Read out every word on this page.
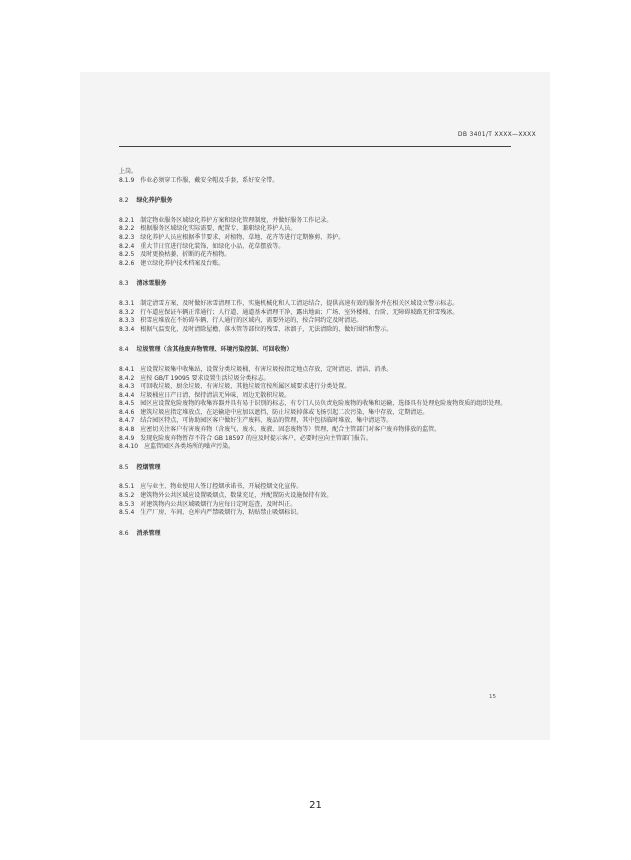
DB 3401/T XXXX—XXXX

上岗。

8.1.9 作业必须穿工作服，戴安全帽及手套，系好安全带。

8.2 绿化养护服务

8.2.1 制定物业服务区域绿化养护方案和绿化管理制度，并做好服务工作记录。

8.2.2 根据服务区域绿化实际需要，配置专、兼职绿化养护人员。

8.2.3 绿化养护人员应根据季节要求，对植物、草地、花卉等进行定期修剪、养护。

8.2.4 重大节日宜进行绿化装饰，如绿化小品、花草摆放等。

8.2.5 及时更换枯萎、折断的花卉植物。

8.2.6 建立绿化养护技术档案及台账。

8.3 清冰雪服务

8.3.1 制定清雪方案，及时做好冰雪清理工作，实施机械化和人工清运结合，提供高速有效的服务并在相关区域设立警示标志。

8.3.2 行车道应保证车辆正常通行；人行道、通道基本清理干净，露出地面；广场、室外楼梯、台阶、无障碍坡路无积雪残冰。

8.3.3 积雪应堆放在不妨碍车辆、行人通行的区域内，需要外运的，按合同约定及时清运。

8.3.4 根据气温变化，及时清除屋檐、落水管等部位的残雪、冰溜子，无法清除的，做好围挡和警示。

8.4 垃圾管理（含其他废弃物管理、环境污染控制、可回收物）

8.4.1 应设置垃圾集中收集站，设置分类垃圾桶，有害垃圾按指定地点存放，定时清运、清洁、消杀。

8.4.2 应按 GB/T 19095 要求设置生活垃圾分类标志。

8.4.3 可回收垃圾、厨余垃圾、有害垃圾、其他垃圾宜按所属区域要求进行分类处置。

8.4.4 垃圾桶应日产日清，保持清洁无异味，周边无散积垃圾。

8.4.5 园区应设置危险废物的收集容器并具有易于识别的标志，有专门人员负责危险废物的收集和运输，选择具有处理危险废物资质的组织处理。

8.4.6 建筑垃圾应指定堆放点，在运输途中应加以遮挡，防止垃圾掉落或飞扬引起二次污染，集中存放，定期清运。

8.4.7 结合园区特点，可协助园区客户做好生产废料、废品的管理，其中包括临时堆放、集中清运等。

8.4.8 应密切关注客户有害废弃物（含废气、废水、废液、固态废物等）管理，配合主管部门对客户废弃物排放的监管。

8.4.9 发现危险废弃物暂存不符合 GB 18597 的应及时提示客户，必要时应向主管部门报告。

8.4.10 应监管园区各类场所的噪声污染。

8.5 控烟管理

8.5.1 应与业主、物业使用人签订控烟承诺书，开展控烟文化宣传。

8.5.2 建筑物外公共区域应设置吸烟点，数量充足，并配置防火设施保持有效。

8.5.3 对建筑物内公共区域吸烟行为应每日定时巡查，及时纠正。

8.5.4 生产厂房、车间、仓库内严禁吸烟行为，粘贴禁止吸烟标识。

8.6 消杀管理

15
21
